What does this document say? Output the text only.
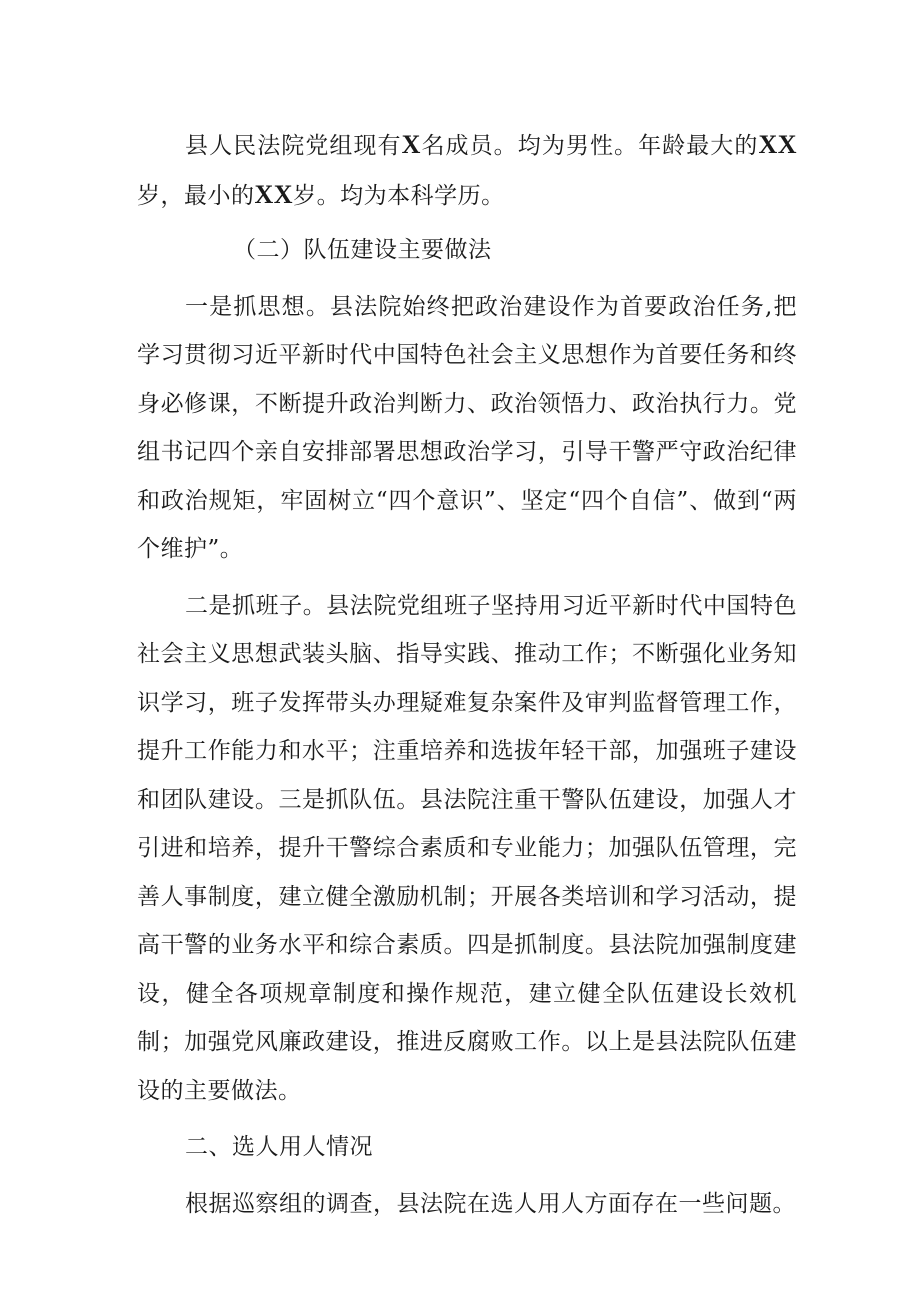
县人民法院党组现有X名成员。均为男性。年龄最大的XX岁，最小的XX岁。均为本科学历。

（二）队伍建设主要做法

一是抓思想。县法院始终把政治建设作为首要政治任务,把学习贯彻习近平新时代中国特色社会主义思想作为首要任务和终身必修课，不断提升政治判断力、政治领悟力、政治执行力。党组书记四个亲自安排部署思想政治学习，引导干警严守政治纪律和政治规矩，牢固树立“四个意识”、坚定“四个自信”、做到“两个维护”。

二是抓班子。县法院党组班子坚持用习近平新时代中国特色社会主义思想武装头脑、指导实践、推动工作；不断强化业务知识学习，班子发挥带头办理疑难复杂案件及审判监督管理工作，提升工作能力和水平；注重培养和选拔年轻干部，加强班子建设和团队建设。三是抓队伍。县法院注重干警队伍建设，加强人才引进和培养，提升干警综合素质和专业能力；加强队伍管理，完善人事制度，建立健全激励机制；开展各类培训和学习活动，提高干警的业务水平和综合素质。四是抓制度。县法院加强制度建设，健全各项规章制度和操作规范，建立健全队伍建设长效机制；加强党风廉政建设，推进反腐败工作。以上是县法院队伍建设的主要做法。

二、选人用人情况

根据巡察组的调查，县法院在选人用人方面存在一些问题。
